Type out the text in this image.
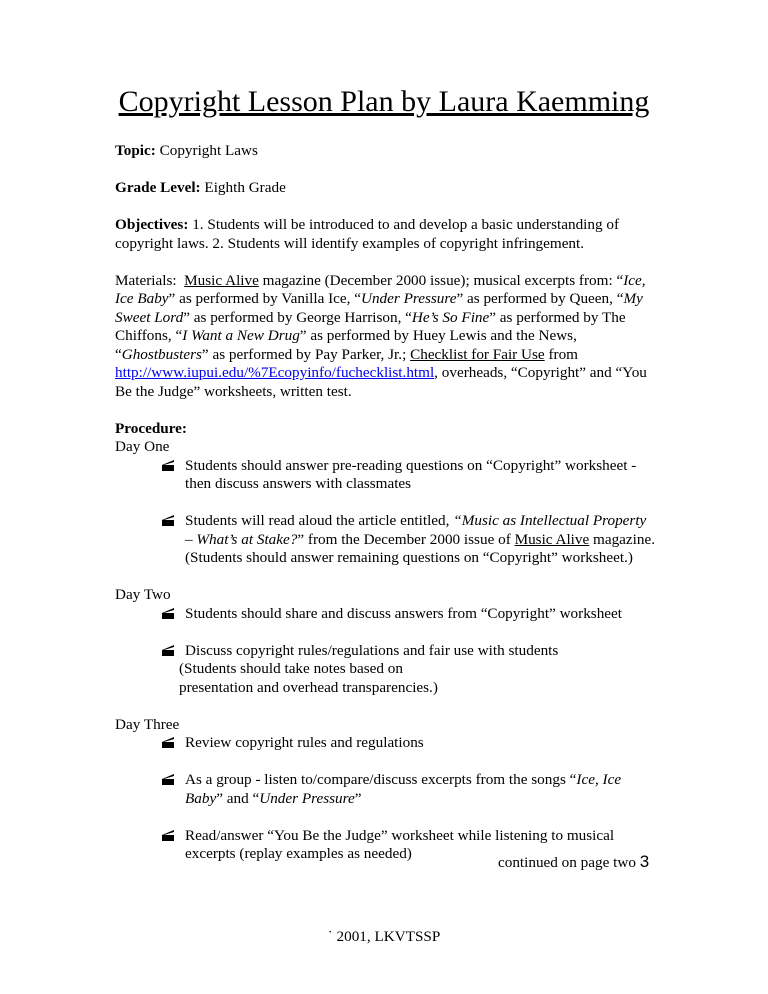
Copyright Lesson Plan by Laura Kaemming

Topic: Copyright Laws

Grade Level: Eighth Grade

Objectives: 1. Students will be introduced to and develop a basic understanding of copyright laws. 2. Students will identify examples of copyright infringement.

Materials: Music Alive magazine (December 2000 issue); musical excerpts from: “Ice, Ice Baby” as performed by Vanilla Ice, “Under Pressure” as performed by Queen, “My Sweet Lord” as performed by George Harrison, “He’s So Fine” as performed by The Chiffons, “I Want a New Drug” as performed by Huey Lewis and the News, “Ghostbusters” as performed by Pay Parker, Jr.; Checklist for Fair Use from http://www.iupui.edu/%7Ecopyinfo/fuchecklist.html, overheads, “Copyright” and “You Be the Judge” worksheets, written test.

Procedure:
Day One
Students should answer pre-reading questions on “Copyright” worksheet - then discuss answers with classmates
Students will read aloud the article entitled, “Music as Intellectual Property – What’s at Stake?” from the December 2000 issue of Music Alive magazine. (Students should answer remaining questions on “Copyright” worksheet.)
Day Two
Students should share and discuss answers from “Copyright” worksheet
Discuss copyright rules/regulations and fair use with students
(Students should take notes based on presentation and overhead transparencies.)
Day Three
Review copyright rules and regulations
As a group - listen to/compare/discuss excerpts from the songs “Ice, Ice Baby” and “Under Pressure”
Read/answer “You Be the Judge” worksheet while listening to musical excerpts (replay examples as needed)
continued on page two 3
˙ 2001, LKVTSSP
